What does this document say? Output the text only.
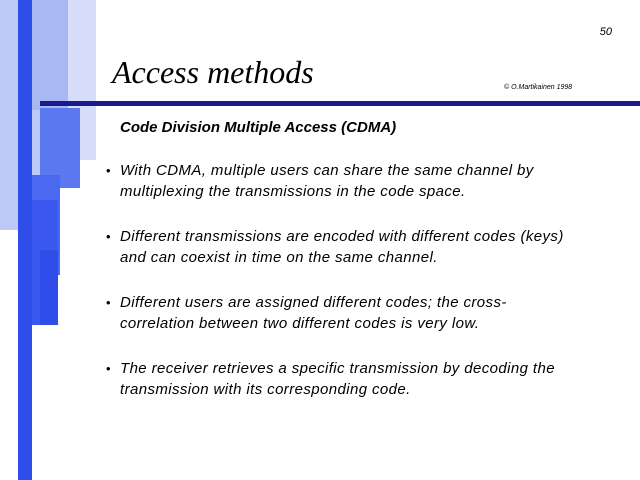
50
Access methods	© O.Martikainen 1998
Code Division Multiple Access (CDMA)
• With CDMA, multiple users can share the same channel by
multiplexing the transmissions in the code space.
• Different transmissions are encoded with different codes (keys)
and can coexist in time on the same channel.
• Different users are assigned different codes; the cross-
correlation between two different codes is very low.
• The receiver retrieves a specific transmission by decoding the
transmission with its corresponding code.
